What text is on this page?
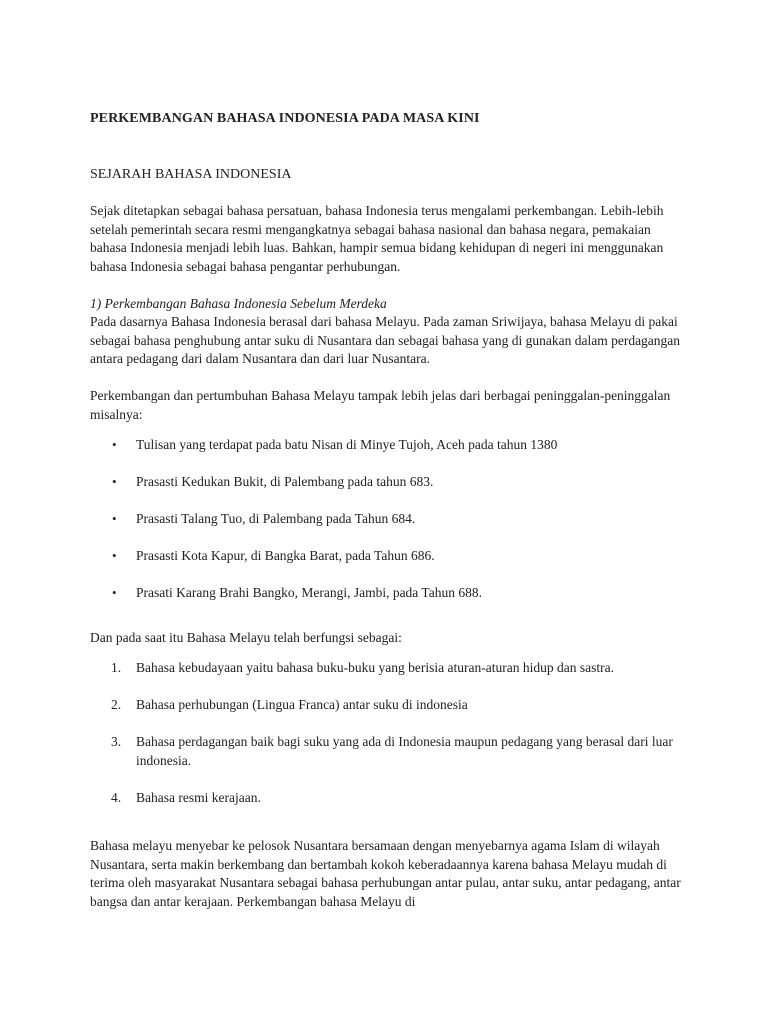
PERKEMBANGAN BAHASA INDONESIA PADA MASA KINI
SEJARAH BAHASA INDONESIA

Sejak ditetapkan sebagai bahasa persatuan, bahasa Indonesia terus mengalami perkembangan. Lebih-lebih setelah pemerintah secara resmi mengangkatnya sebagai bahasa nasional dan bahasa negara, pemakaian bahasa Indonesia menjadi lebih luas. Bahkan, hampir semua bidang kehidupan di negeri ini menggunakan bahasa Indonesia sebagai bahasa pengantar perhubungan.

1) Perkembangan Bahasa Indonesia Sebelum Merdeka

Pada dasarnya Bahasa Indonesia berasal dari bahasa Melayu. Pada zaman Sriwijaya, bahasa Melayu di pakai sebagai bahasa penghubung antar suku di Nusantara dan sebagai bahasa yang di gunakan dalam perdagangan antara pedagang dari dalam Nusantara dan dari luar Nusantara.

Perkembangan dan pertumbuhan Bahasa Melayu tampak lebih jelas dari berbagai peninggalan-peninggalan misalnya:

• Tulisan yang terdapat pada batu Nisan di Minye Tujoh, Aceh pada tahun 1380
• Prasasti Kedukan Bukit, di Palembang pada tahun 683.
• Prasasti Talang Tuo, di Palembang pada Tahun 684.
• Prasasti Kota Kapur, di Bangka Barat, pada Tahun 686.
• Prasati Karang Brahi Bangko, Merangi, Jambi, pada Tahun 688.

Dan pada saat itu Bahasa Melayu telah berfungsi sebagai:

1. Bahasa kebudayaan yaitu bahasa buku-buku yang berisia aturan-aturan hidup dan sastra.
2. Bahasa perhubungan (Lingua Franca) antar suku di indonesia
3. Bahasa perdagangan baik bagi suku yang ada di Indonesia maupun pedagang yang berasal dari luar indonesia.
4. Bahasa resmi kerajaan.

Bahasa melayu menyebar ke pelosok Nusantara bersamaan dengan menyebarnya agama Islam di wilayah Nusantara, serta makin berkembang dan bertambah kokoh keberadaannya karena bahasa Melayu mudah di terima oleh masyarakat Nusantara sebagai bahasa perhubungan antar pulau, antar suku, antar pedagang, antar bangsa dan antar kerajaan. Perkembangan bahasa Melayu di
